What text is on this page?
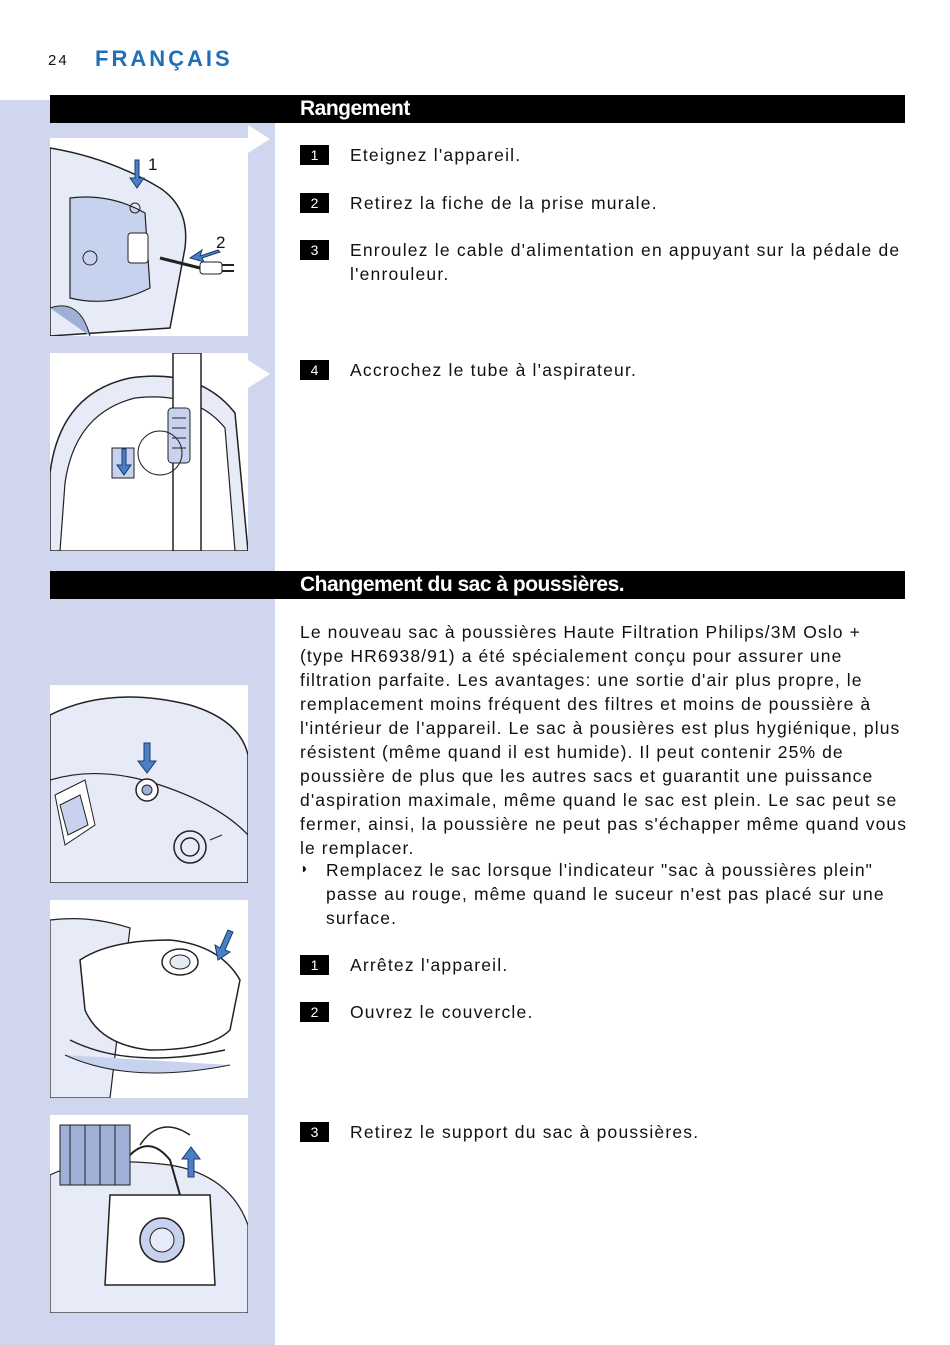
24 FRANÇAIS
Rangement
1
2
1	Eteignez l'appareil.
2	Retirez la fiche de la prise murale.
3	Enroulez le cable d'alimentation en appuyant sur la pédale de l'enrouleur.
4	Accrochez le tube à l'aspirateur.
Changement du sac à poussières.
Le nouveau sac à poussières Haute Filtration Philips/3M Oslo + (type HR6938/91) a été spécialement conçu pour assurer une filtration parfaite. Les avantages: une sortie d'air plus propre, le remplacement moins fréquent des filtres et moins de poussière à l'intérieur de l'appareil. Le sac à pousières est plus hygiénique, plus résistent (même quand il est humide). Il peut contenir 25% de poussière de plus que les autres sacs et guarantit une puissance d'aspiration maximale, même quand le sac est plein. Le sac peut se fermer, ainsi, la poussière ne peut pas s'échapper même quand vous le remplacer.
◗ Remplacez le sac lorsque l'indicateur "sac à poussières plein" passe au rouge, même quand le suceur n'est pas placé sur une surface.
1	Arrêtez l'appareil.
2	Ouvrez le couvercle.
3	Retirez le support du sac à poussières.
